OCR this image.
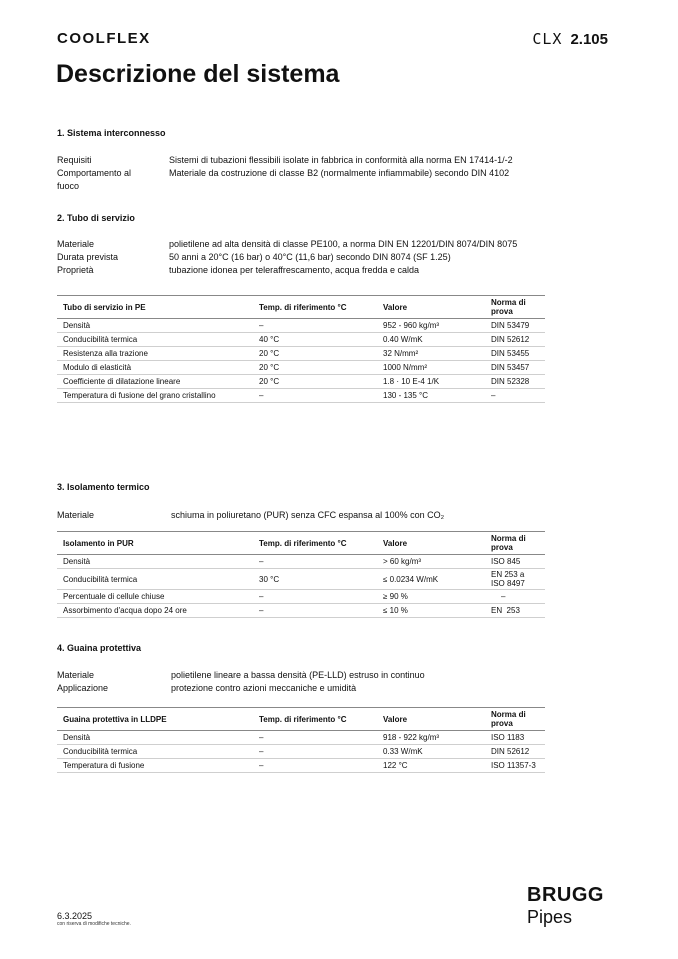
COOLFLEX	CLX 2.105
Descrizione del sistema
1. Sistema interconnesso
Requisiti	Sistemi di tubazioni flessibili isolate in fabbrica in conformità alla norma EN 17414-1/-2
Comportamento al fuoco
Materiale da costruzione di classe B2 (normalmente infiammabile) secondo DIN 4102
2. Tubo di servizio
Materiale	polietilene ad alta densità di classe PE100, a norma DIN EN 12201/DIN 8074/DIN 8075
Durata prevista	50 anni a 20°C (16 bar) o 40°C (11,6 bar) secondo DIN 8074 (SF 1.25)
Proprietà	tubazione idonea per teleraffrescamento, acqua fredda e calda
Tubo di servizio in PE	Temp. di riferimento °C	Valore	Norma di prova
Densità	–	952 - 960 kg/m³	DIN 53479
Conducibilità termica	40 °C	0.40 W/mK	DIN 52612
Resistenza alla trazione	20 °C	32 N/mm²	DIN 53455
Modulo di elasticità	20 °C	1000 N/mm²	DIN 53457
Coefficiente di dilatazione lineare	20 °C	1.8 · 10 E-4 1/K	DIN 52328
Temperatura di fusione del grano cristallino	–	130 - 135 °C	–
3. Isolamento termico
Materiale	schiuma in poliuretano (PUR) senza CFC espansa al 100% con CO₂
Isolamento in PUR	Temp. di riferimento °C	Valore	Norma di prova
Densità	–	> 60 kg/m³	ISO 845
Conducibilità termica	30 °C	≤ 0.0234 W/mK	EN 253 a ISO 8497
Percentuale di cellule chiuse	–	≥ 90 %	–
Assorbimento d'acqua dopo 24 ore	–	≤ 10 %	EN  253
4. Guaina protettiva
Materiale	polietilene lineare a bassa densità (PE-LLD) estruso in continuo
Applicazione	protezione contro azioni meccaniche e umidità
Guaina protettiva in LLDPE	Temp. di riferimento °C	Valore	Norma di prova
Densità	–	918 - 922 kg/m³	ISO 1183
Conducibilità termica	–	0.33 W/mK	DIN 52612
Temperatura di fusione	–	122 °C	ISO 11357-3
6.3.2025
con riserva di modifiche tecniche.
BRUGG
Pipes
